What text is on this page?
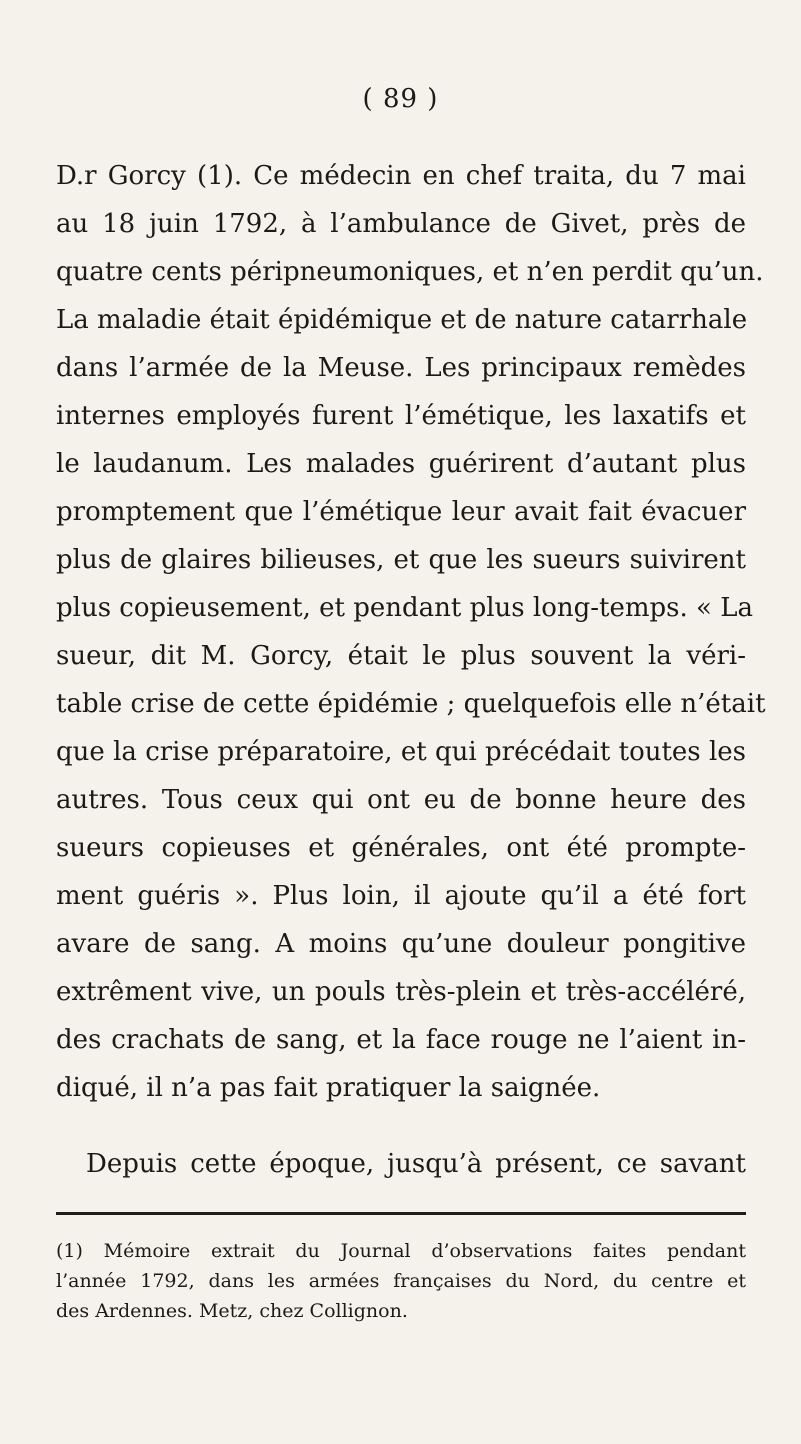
( 89 )
D.r Gorcy (1). Ce médecin en chef traita, du 7 mai
au 18 juin 1792, à l’ambulance de Givet, près de
quatre cents péripneumoniques, et n’en perdit qu’un.
La maladie était épidémique et de nature catarrhale
dans l’armée de la Meuse. Les principaux remèdes
internes employés furent l’émétique, les laxatifs et
le laudanum. Les malades guérirent d’autant plus
promptement que l’émétique leur avait fait évacuer
plus de glaires bilieuses, et que les sueurs suivirent
plus copieusement, et pendant plus long-temps. « La
sueur, dit M. Gorcy, était le plus souvent la véri-
table crise de cette épidémie ; quelquefois elle n’était
que la crise préparatoire, et qui précédait toutes les
autres. Tous ceux qui ont eu de bonne heure des
sueurs copieuses et générales, ont été prompte-
ment guéris ». Plus loin, il ajoute qu’il a été fort
avare de sang. A moins qu’une douleur pongitive
extrêment vive, un pouls très-plein et très-accéléré,
des crachats de sang, et la face rouge ne l’aient in-
diqué, il n’a pas fait pratiquer la saignée.
Depuis cette époque, jusqu’à présent, ce savant
(1) Mémoire extrait du Journal d’observations faites pendant
l’année 1792, dans les armées françaises du Nord, du centre et
des Ardennes. Metz, chez Collignon.
